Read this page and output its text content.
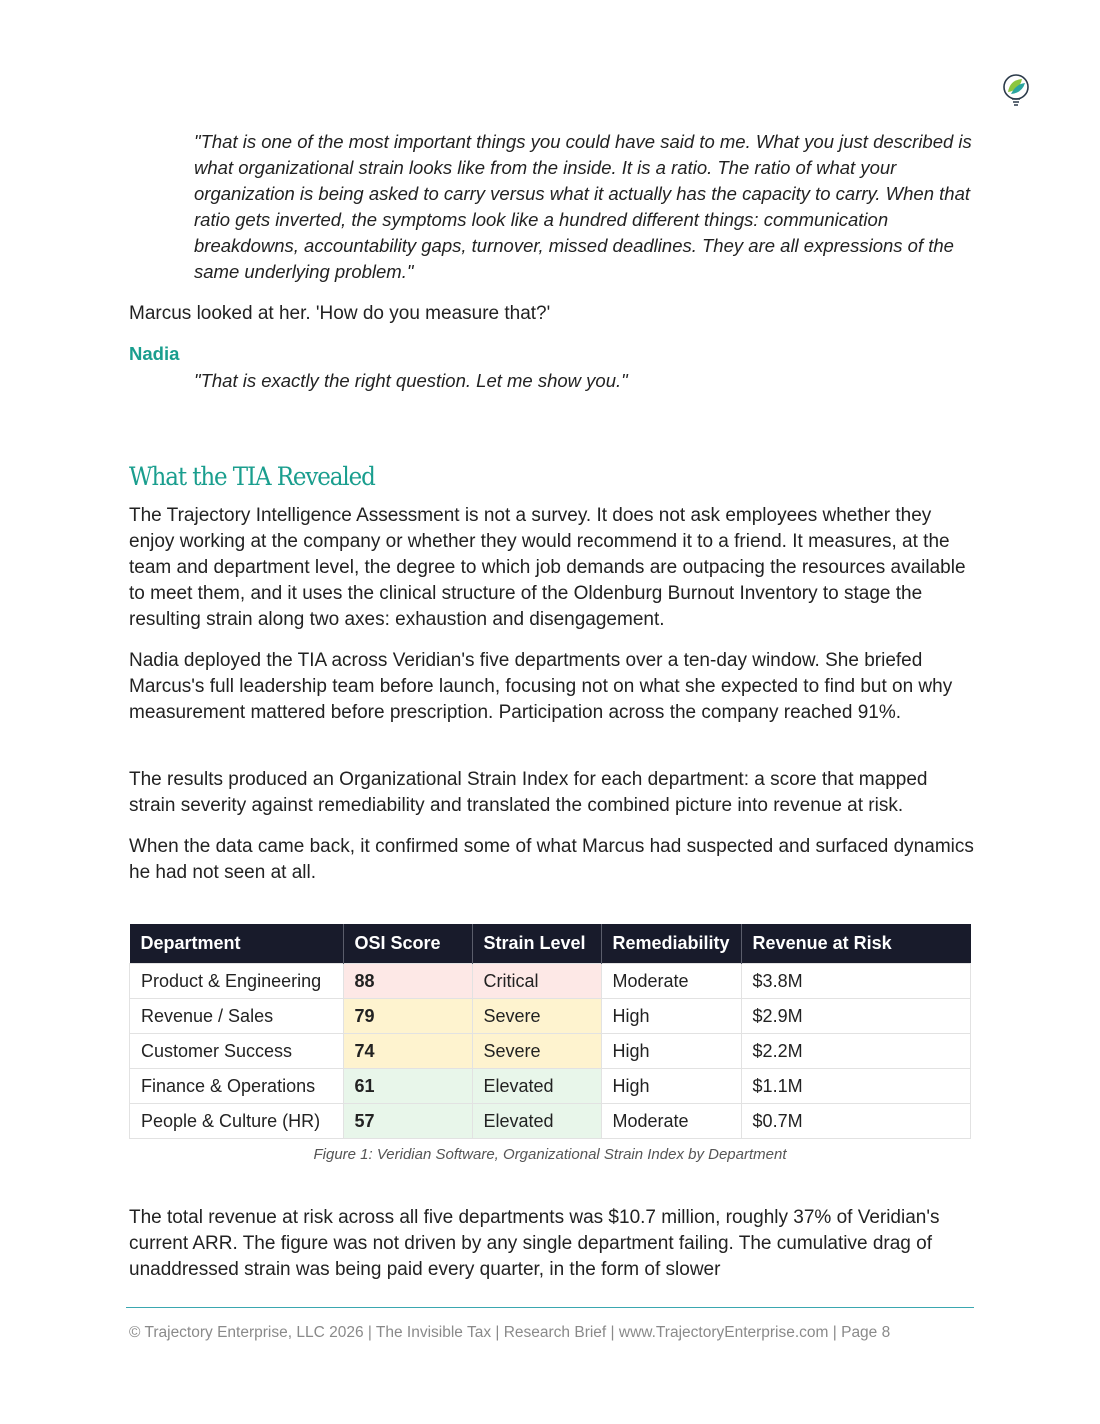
"That is one of the most important things you could have said to me. What you just described is what organizational strain looks like from the inside. It is a ratio. The ratio of what your organization is being asked to carry versus what it actually has the capacity to carry. When that ratio gets inverted, the symptoms look like a hundred different things: communication breakdowns, accountability gaps, turnover, missed deadlines. They are all expressions of the same underlying problem."
Marcus looked at her. 'How do you measure that?'
Nadia
"That is exactly the right question. Let me show you."
What the TIA Revealed
The Trajectory Intelligence Assessment is not a survey. It does not ask employees whether they enjoy working at the company or whether they would recommend it to a friend. It measures, at the team and department level, the degree to which job demands are outpacing the resources available to meet them, and it uses the clinical structure of the Oldenburg Burnout Inventory to stage the resulting strain along two axes: exhaustion and disengagement.
Nadia deployed the TIA across Veridian's five departments over a ten-day window. She briefed Marcus's full leadership team before launch, focusing not on what she expected to find but on why measurement mattered before prescription. Participation across the company reached 91%.
The results produced an Organizational Strain Index for each department: a score that mapped strain severity against remediability and translated the combined picture into revenue at risk.
When the data came back, it confirmed some of what Marcus had suspected and surfaced dynamics he had not seen at all.
Department	OSI Score	Strain Level	Remediability	Revenue at Risk
Product & Engineering	88	Critical	Moderate	$3.8M
Revenue / Sales	79	Severe	High	$2.9M
Customer Success	74	Severe	High	$2.2M
Finance & Operations	61	Elevated	High	$1.1M
People & Culture (HR)	57	Elevated	Moderate	$0.7M
Figure 1: Veridian Software, Organizational Strain Index by Department
The total revenue at risk across all five departments was $10.7 million, roughly 37% of Veridian's current ARR. The figure was not driven by any single department failing. The cumulative drag of unaddressed strain was being paid every quarter, in the form of slower
© Trajectory Enterprise, LLC 2026 | The Invisible Tax | Research Brief | www.TrajectoryEnterprise.com | Page 8
